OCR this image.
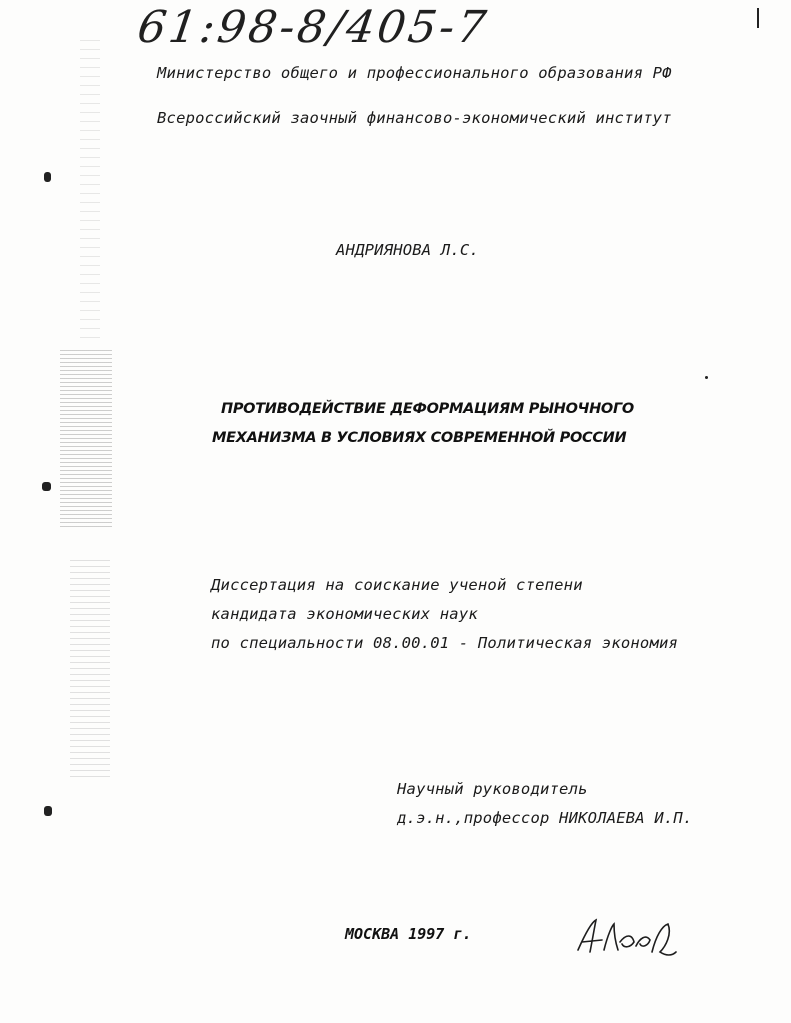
61:98-8/405-7
Министерство общего и профессионального образования РФ
Всероссийский заочный финансово-экономический институт
АНДРИЯНОВА Л.С.
ПРОТИВОДЕЙСТВИЕ ДЕФОРМАЦИЯМ РЫНОЧНОГО
МЕХАНИЗМА В УСЛОВИЯХ СОВРЕМЕННОЙ РОССИИ
Диссертация на соискание ученой степени
кандидата экономических наук
по специальности 08.00.01 - Политическая экономия
Научный руководитель
д.э.н.,профессор НИКОЛАЕВА И.П.
МОСКВА 1997 г.
